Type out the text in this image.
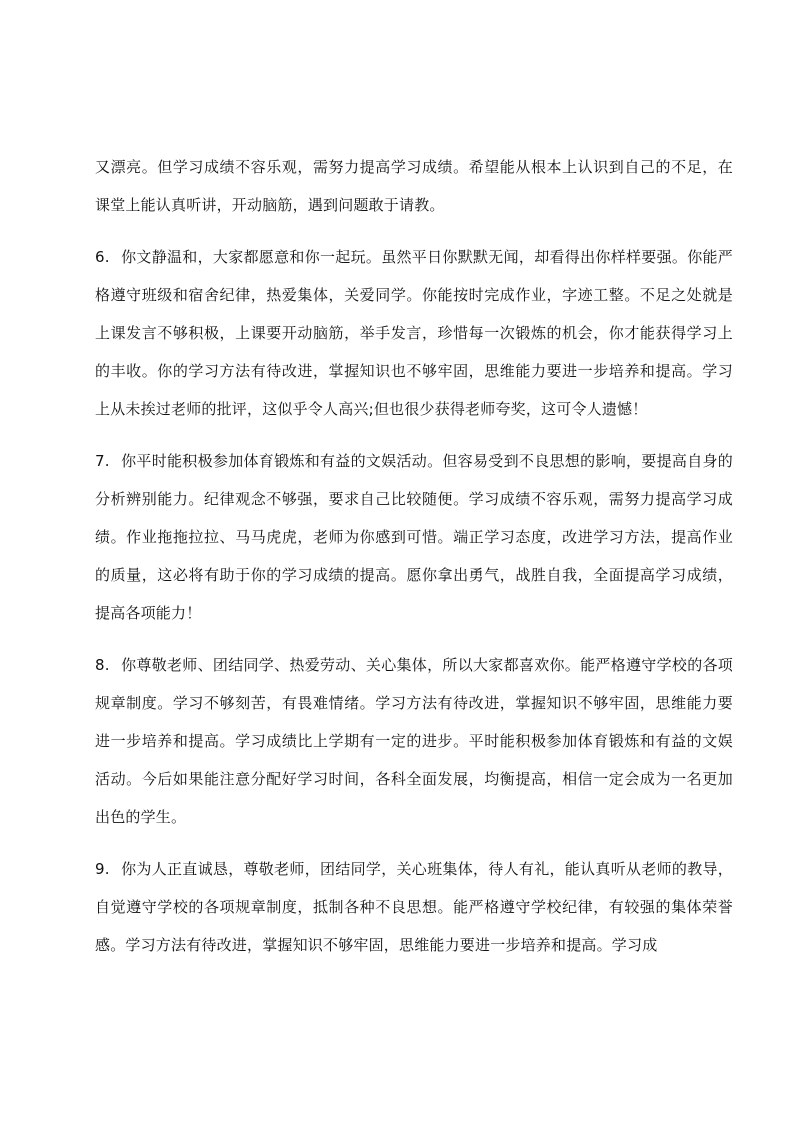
又漂亮。但学习成绩不容乐观，需努力提高学习成绩。希望能从根本上认识到自己的不足，在课堂上能认真听讲，开动脑筋，遇到问题敢于请教。

6. 你文静温和，大家都愿意和你一起玩。虽然平日你默默无闻，却看得出你样样要强。你能严格遵守班级和宿舍纪律，热爱集体，关爱同学。你能按时完成作业，字迹工整。不足之处就是上课发言不够积极，上课要开动脑筋，举手发言，珍惜每一次锻炼的机会，你才能获得学习上的丰收。你的学习方法有待改进，掌握知识也不够牢固，思维能力要进一步培养和提高。学习上从未挨过老师的批评，这似乎令人高兴;但也很少获得老师夸奖，这可令人遗憾！

7. 你平时能积极参加体育锻炼和有益的文娱活动。但容易受到不良思想的影响，要提高自身的分析辨别能力。纪律观念不够强，要求自己比较随便。学习成绩不容乐观，需努力提高学习成绩。作业拖拖拉拉、马马虎虎，老师为你感到可惜。端正学习态度，改进学习方法，提高作业的质量，这必将有助于你的学习成绩的提高。愿你拿出勇气，战胜自我，全面提高学习成绩，提高各项能力！

8. 你尊敬老师、团结同学、热爱劳动、关心集体，所以大家都喜欢你。能严格遵守学校的各项规章制度。学习不够刻苦，有畏难情绪。学习方法有待改进，掌握知识不够牢固，思维能力要进一步培养和提高。学习成绩比上学期有一定的进步。平时能积极参加体育锻炼和有益的文娱活动。今后如果能注意分配好学习时间，各科全面发展，均衡提高，相信一定会成为一名更加出色的学生。

9. 你为人正直诚恳，尊敬老师，团结同学，关心班集体，待人有礼，能认真听从老师的教导，自觉遵守学校的各项规章制度，抵制各种不良思想。能严格遵守学校纪律，有较强的集体荣誉感。学习方法有待改进，掌握知识不够牢固，思维能力要进一步培养和提高。学习成
